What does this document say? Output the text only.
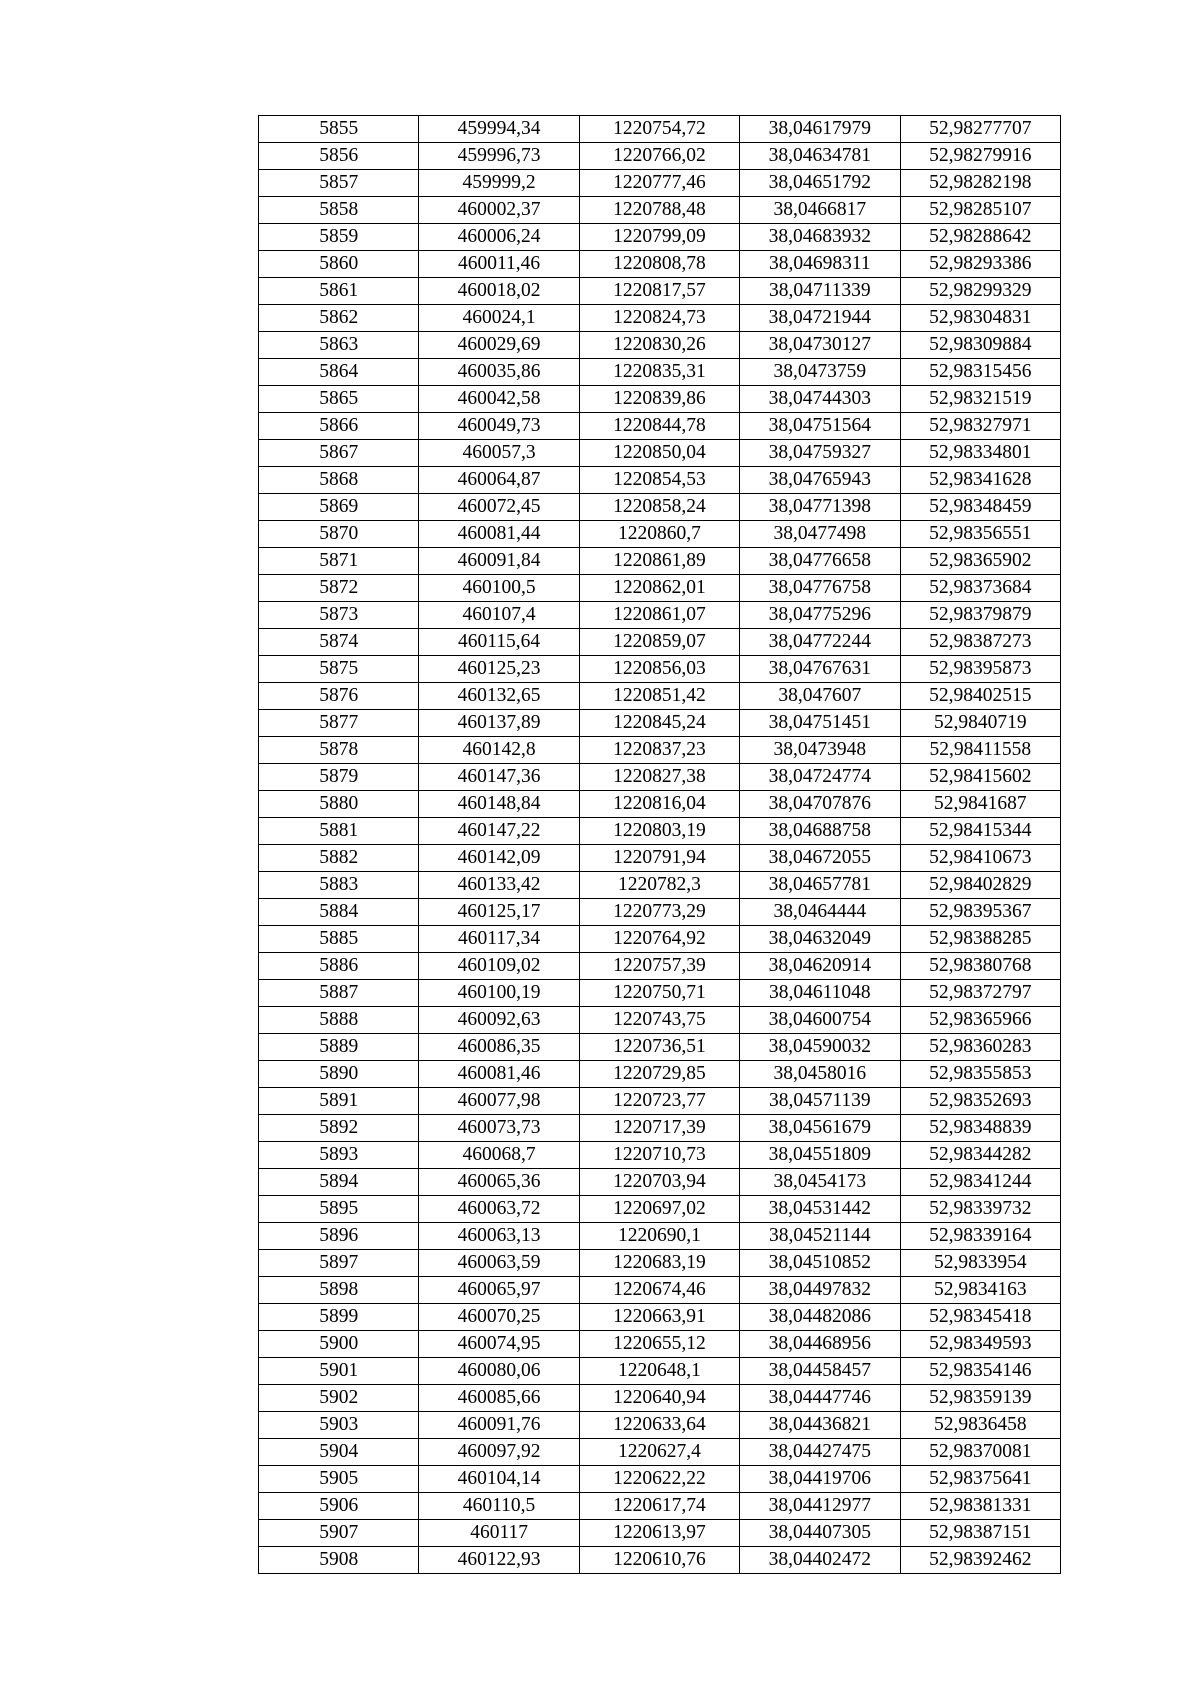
5855	459994,34	1220754,72	38,04617979	52,98277707
5856	459996,73	1220766,02	38,04634781	52,98279916
5857	459999,2	1220777,46	38,04651792	52,98282198
5858	460002,37	1220788,48	38,0466817	52,98285107
5859	460006,24	1220799,09	38,04683932	52,98288642
5860	460011,46	1220808,78	38,04698311	52,98293386
5861	460018,02	1220817,57	38,04711339	52,98299329
5862	460024,1	1220824,73	38,04721944	52,98304831
5863	460029,69	1220830,26	38,04730127	52,98309884
5864	460035,86	1220835,31	38,0473759	52,98315456
5865	460042,58	1220839,86	38,04744303	52,98321519
5866	460049,73	1220844,78	38,04751564	52,98327971
5867	460057,3	1220850,04	38,04759327	52,98334801
5868	460064,87	1220854,53	38,04765943	52,98341628
5869	460072,45	1220858,24	38,04771398	52,98348459
5870	460081,44	1220860,7	38,0477498	52,98356551
5871	460091,84	1220861,89	38,04776658	52,98365902
5872	460100,5	1220862,01	38,04776758	52,98373684
5873	460107,4	1220861,07	38,04775296	52,98379879
5874	460115,64	1220859,07	38,04772244	52,98387273
5875	460125,23	1220856,03	38,04767631	52,98395873
5876	460132,65	1220851,42	38,047607	52,98402515
5877	460137,89	1220845,24	38,04751451	52,9840719
5878	460142,8	1220837,23	38,0473948	52,98411558
5879	460147,36	1220827,38	38,04724774	52,98415602
5880	460148,84	1220816,04	38,04707876	52,9841687
5881	460147,22	1220803,19	38,04688758	52,98415344
5882	460142,09	1220791,94	38,04672055	52,98410673
5883	460133,42	1220782,3	38,04657781	52,98402829
5884	460125,17	1220773,29	38,0464444	52,98395367
5885	460117,34	1220764,92	38,04632049	52,98388285
5886	460109,02	1220757,39	38,04620914	52,98380768
5887	460100,19	1220750,71	38,04611048	52,98372797
5888	460092,63	1220743,75	38,04600754	52,98365966
5889	460086,35	1220736,51	38,04590032	52,98360283
5890	460081,46	1220729,85	38,0458016	52,98355853
5891	460077,98	1220723,77	38,04571139	52,98352693
5892	460073,73	1220717,39	38,04561679	52,98348839
5893	460068,7	1220710,73	38,04551809	52,98344282
5894	460065,36	1220703,94	38,0454173	52,98341244
5895	460063,72	1220697,02	38,04531442	52,98339732
5896	460063,13	1220690,1	38,04521144	52,98339164
5897	460063,59	1220683,19	38,04510852	52,9833954
5898	460065,97	1220674,46	38,04497832	52,9834163
5899	460070,25	1220663,91	38,04482086	52,98345418
5900	460074,95	1220655,12	38,04468956	52,98349593
5901	460080,06	1220648,1	38,04458457	52,98354146
5902	460085,66	1220640,94	38,04447746	52,98359139
5903	460091,76	1220633,64	38,04436821	52,9836458
5904	460097,92	1220627,4	38,04427475	52,98370081
5905	460104,14	1220622,22	38,04419706	52,98375641
5906	460110,5	1220617,74	38,04412977	52,98381331
5907	460117	1220613,97	38,04407305	52,98387151
5908	460122,93	1220610,76	38,04402472	52,98392462
